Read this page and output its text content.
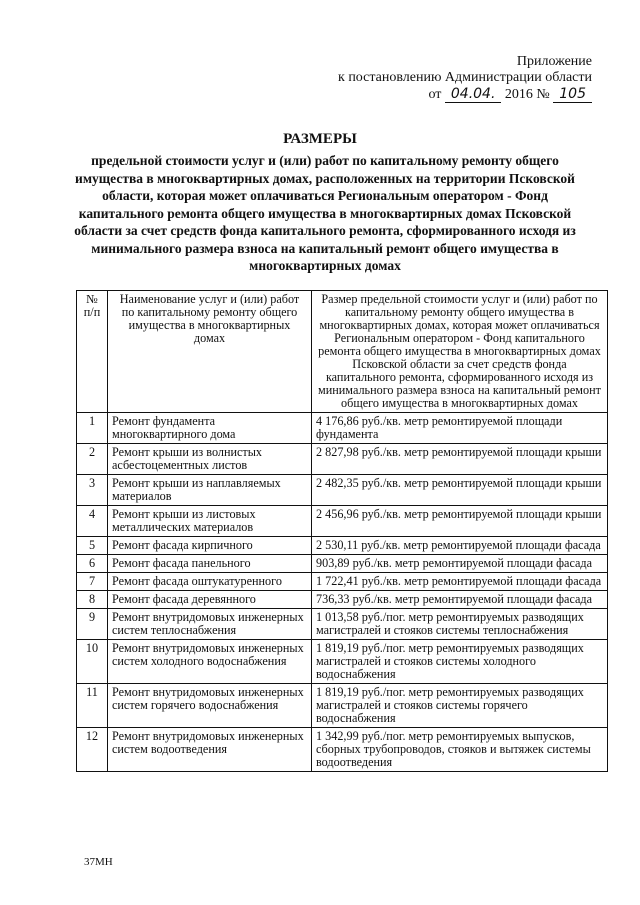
Приложение
к постановлению Администрации области
от 04.04. 2016 № 105
РАЗМЕРЫ
предельной стоимости услуг и (или) работ по капитальному ремонту общего имущества в многоквартирных домах, расположенных на территории Псковской области, которая может оплачиваться Региональным оператором - Фонд капитального ремонта общего имущества в многоквартирных домах Псковской области за счет средств фонда капитального ремонта, сформированного исходя из минимального размера взноса на капитальный ремонт общего имущества в многоквартирных домах
№ п/п	Наименование услуг и (или) работ по капитальному ремонту общего имущества в многоквартирных домах	Размер предельной стоимости услуг и (или) работ по капитальному ремонту общего имущества в многоквартирных домах, которая может оплачиваться Региональным оператором - Фонд капитального ремонта общего имущества в многоквартирных домах Псковской области за счет средств фонда капитального ремонта, сформированного исходя из минимального размера взноса на капитальный ремонт общего имущества в многоквартирных домах
1	Ремонт фундамента многоквартирного дома	4 176,86 руб./кв. метр ремонтируемой площади фундамента
2	Ремонт крыши из волнистых асбестоцементных листов	2 827,98 руб./кв. метр ремонтируемой площади крыши
3	Ремонт крыши из наплавляемых материалов	2 482,35 руб./кв. метр ремонтируемой площади крыши
4	Ремонт крыши из листовых металлических материалов	2 456,96 руб./кв. метр ремонтируемой площади крыши
5	Ремонт фасада кирпичного	2 530,11 руб./кв. метр ремонтируемой площади фасада
6	Ремонт фасада панельного	903,89 руб./кв. метр ремонтируемой площади фасада
7	Ремонт фасада оштукатуренного	1 722,41 руб./кв. метр ремонтируемой площади фасада
8	Ремонт фасада деревянного	736,33 руб./кв. метр ремонтируемой площади фасада
9	Ремонт внутридомовых инженерных систем теплоснабжения	1 013,58 руб./пог. метр ремонтируемых разводящих магистралей и стояков системы теплоснабжения
10	Ремонт внутридомовых инженерных систем холодного водоснабжения	1 819,19 руб./пог. метр ремонтируемых разводящих магистралей и стояков системы холодного водоснабжения
11	Ремонт внутридомовых инженерных систем горячего водоснабжения	1 819,19 руб./пог. метр ремонтируемых разводящих магистралей и стояков системы горячего водоснабжения
12	Ремонт внутридомовых инженерных систем водоотведения	1 342,99 руб./пог. метр ремонтируемых выпусков, сборных трубопроводов, стояков и вытяжек системы водоотведения
37МН
